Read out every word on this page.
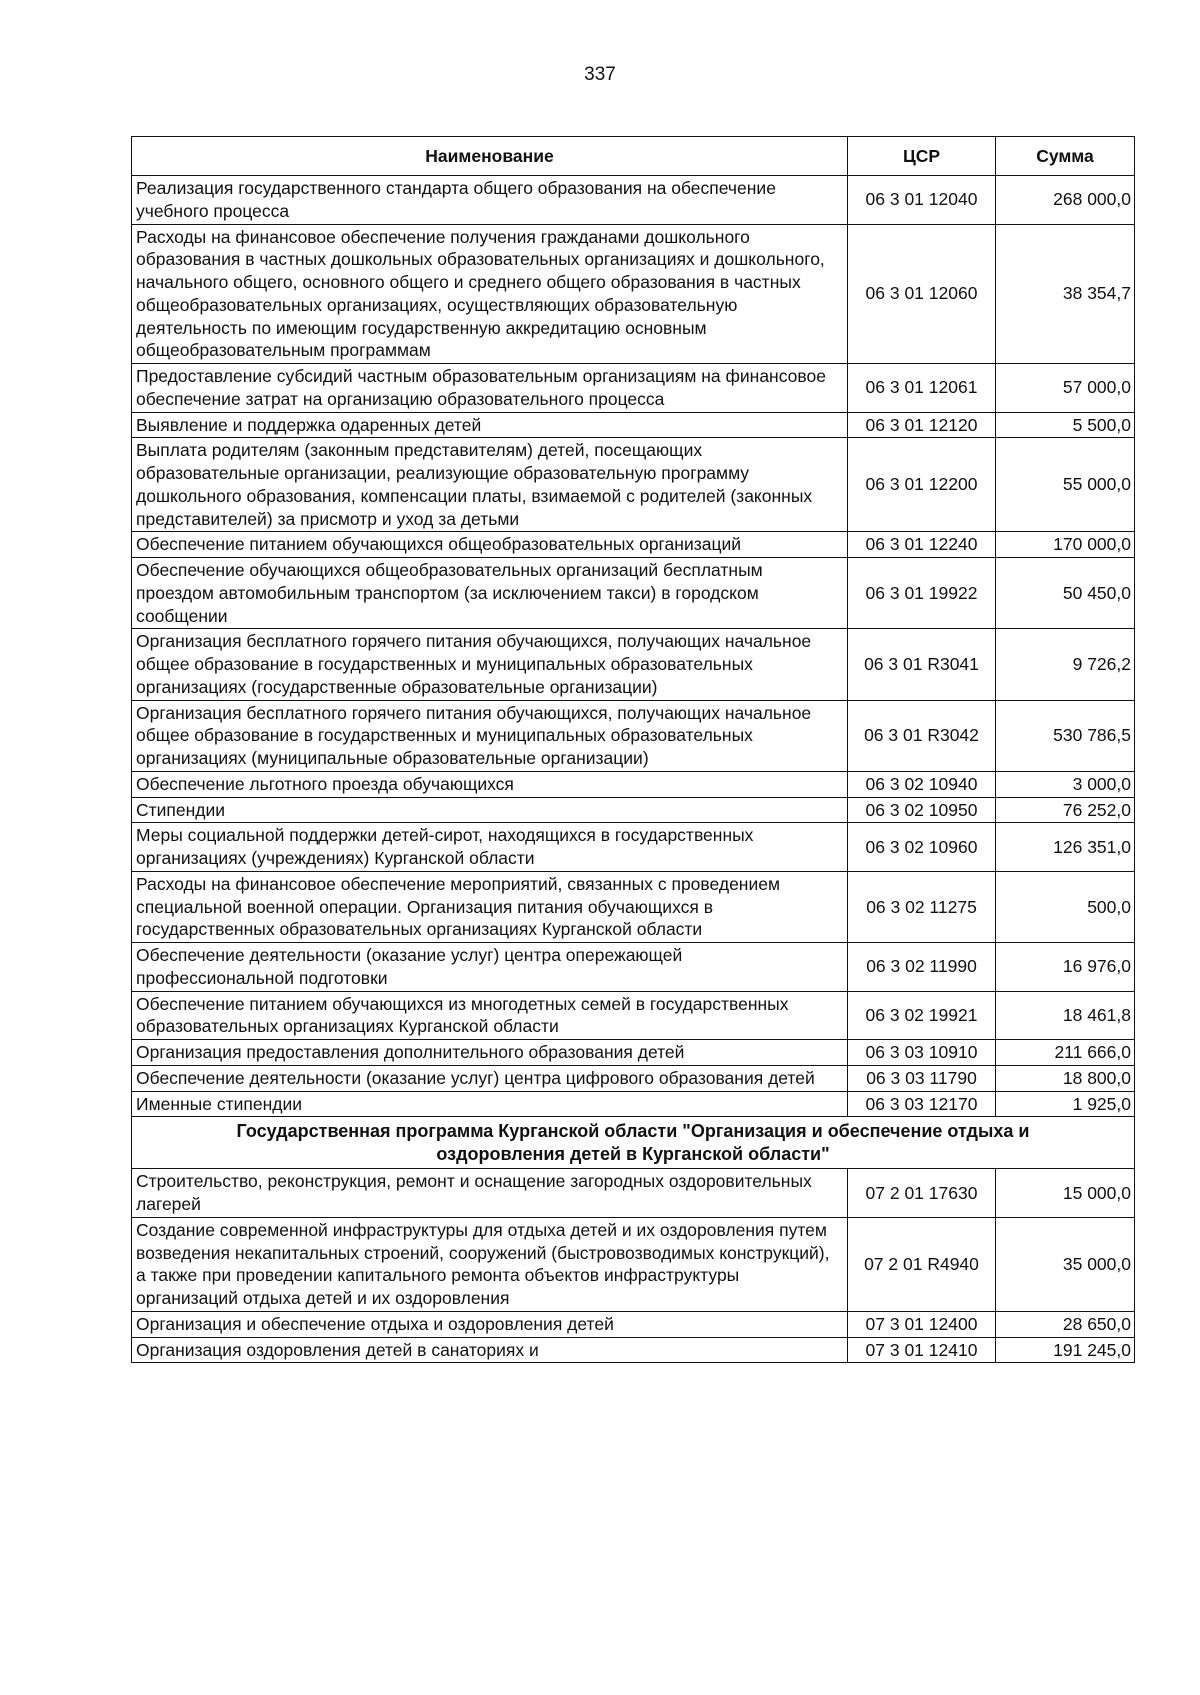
337
Наименование	ЦСР	Сумма
Реализация государственного стандарта общего образования на обеспечение учебного процесса	06 3 01 12040	268 000,0
Расходы на финансовое обеспечение получения гражданами дошкольного образования в частных дошкольных образовательных организациях и дошкольного, начального общего, основного общего и среднего общего образования в частных общеобразовательных организациях, осуществляющих образовательную деятельность по имеющим государственную аккредитацию основным общеобразовательным программам	06 3 01 12060	38 354,7
Предоставление субсидий частным образовательным организациям на финансовое обеспечение затрат на организацию образовательного процесса	06 3 01 12061	57 000,0
Выявление и поддержка одаренных детей	06 3 01 12120	5 500,0
Выплата родителям (законным представителям) детей, посещающих образовательные организации, реализующие образовательную программу дошкольного образования, компенсации платы, взимаемой с родителей (законных представителей) за присмотр и уход за детьми	06 3 01 12200	55 000,0
Обеспечение питанием обучающихся общеобразовательных организаций	06 3 01 12240	170 000,0
Обеспечение обучающихся общеобразовательных организаций бесплатным проездом автомобильным транспортом (за исключением такси) в городском сообщении	06 3 01 19922	50 450,0
Организация бесплатного горячего питания обучающихся, получающих начальное общее образование в государственных и муниципальных образовательных организациях (государственные образовательные организации)	06 3 01 R3041	9 726,2
Организация бесплатного горячего питания обучающихся, получающих начальное общее образование в государственных и муниципальных образовательных организациях (муниципальные образовательные организации)	06 3 01 R3042	530 786,5
Обеспечение льготного проезда обучающихся	06 3 02 10940	3 000,0
Стипендии	06 3 02 10950	76 252,0
Меры социальной поддержки детей-сирот, находящихся в государственных организациях (учреждениях) Курганской области	06 3 02 10960	126 351,0
Расходы на финансовое обеспечение мероприятий, связанных с проведением специальной военной операции. Организация питания обучающихся в государственных образовательных организациях Курганской области	06 3 02 11275	500,0
Обеспечение деятельности (оказание услуг) центра опережающей профессиональной подготовки	06 3 02 11990	16 976,0
Обеспечение питанием обучающихся из многодетных семей в государственных образовательных организациях Курганской области	06 3 02 19921	18 461,8
Организация предоставления дополнительного образования детей	06 3 03 10910	211 666,0
Обеспечение деятельности (оказание услуг) центра цифрового образования детей	06 3 03 11790	18 800,0
Именные стипендии	06 3 03 12170	1 925,0
Государственная программа Курганской области "Организация и обеспечение отдыха и оздоровления детей в Курганской области"		
Строительство, реконструкция, ремонт и оснащение загородных оздоровительных лагерей	07 2 01 17630	15 000,0
Создание современной инфраструктуры для отдыха детей и их оздоровления путем возведения некапитальных строений, сооружений (быстровозводимых конструкций), а также при проведении капитального ремонта объектов инфраструктуры организаций отдыха детей и их оздоровления	07 2 01 R4940	35 000,0
Организация и обеспечение отдыха и оздоровления детей	07 3 01 12400	28 650,0
Организация оздоровления детей в санаториях и	07 3 01 12410	191 245,0
